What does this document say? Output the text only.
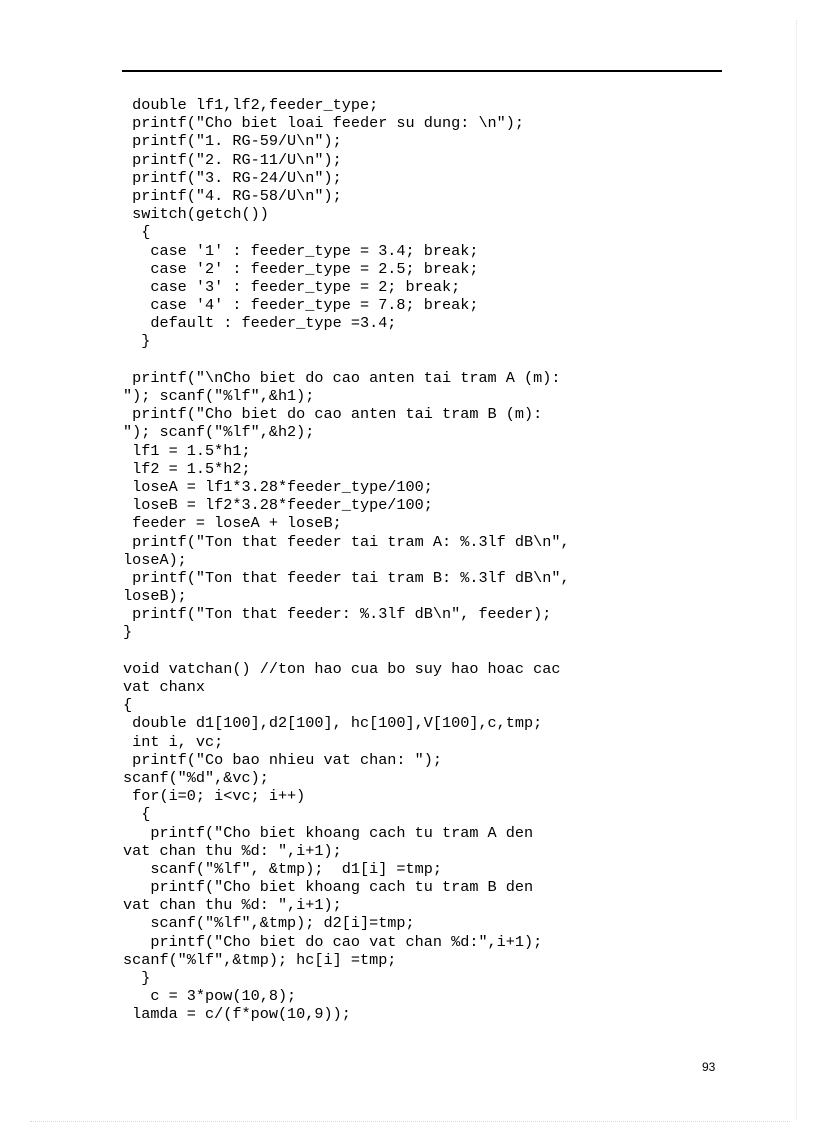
double lf1,lf2,feeder_type;
printf("Cho biet loai feeder su dung: \n");
printf("1. RG-59/U\n");
printf("2. RG-11/U\n");
printf("3. RG-24/U\n");
printf("4. RG-58/U\n");
switch(getch())
{
case '1' : feeder_type = 3.4; break;
case '2' : feeder_type = 2.5; break;
case '3' : feeder_type = 2; break;
case '4' : feeder_type = 7.8; break;
default : feeder_type =3.4;
}

printf("\nCho biet do cao anten tai tram A (m):
"); scanf("%lf",&h1);
printf("Cho biet do cao anten tai tram B (m):
"); scanf("%lf",&h2);
lf1 = 1.5*h1;
lf2 = 1.5*h2;
loseA = lf1*3.28*feeder_type/100;
loseB = lf2*3.28*feeder_type/100;
feeder = loseA + loseB;
printf("Ton that feeder tai tram A: %.3lf dB\n",
loseA);
printf("Ton that feeder tai tram B: %.3lf dB\n",
loseB);
printf("Ton that feeder: %.3lf dB\n", feeder);
}

void vatchan() //ton hao cua bo suy hao hoac cac
vat chanx
{
double d1[100],d2[100], hc[100],V[100],c,tmp;
int i, vc;
printf("Co bao nhieu vat chan: ");
scanf("%d",&vc);
for(i=0; i<vc; i++)
{
printf("Cho biet khoang cach tu tram A den
vat chan thu %d: ",i+1);
scanf("%lf", &tmp);  d1[i] =tmp;
printf("Cho biet khoang cach tu tram B den
vat chan thu %d: ",i+1);
scanf("%lf",&tmp); d2[i]=tmp;
printf("Cho biet do cao vat chan %d:",i+1);
scanf("%lf",&tmp); hc[i] =tmp;
}
c = 3*pow(10,8);
lamda = c/(f*pow(10,9));
93
